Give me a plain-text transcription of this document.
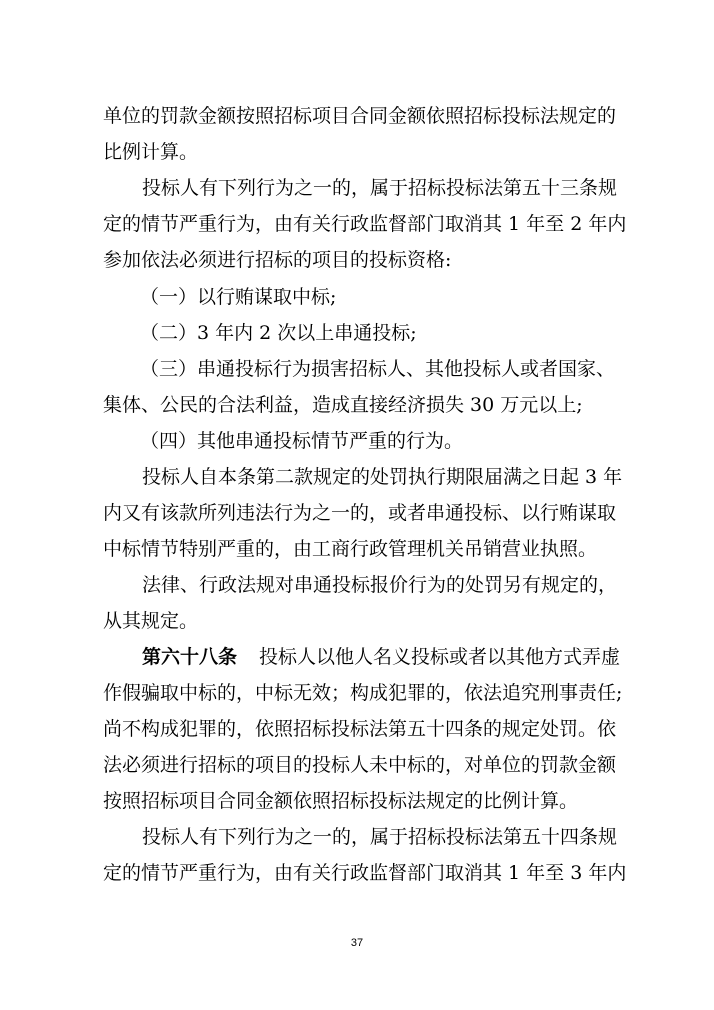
单位的罚款金额按照招标项目合同金额依照招标投标法规定的
比例计算。
投标人有下列行为之一的，属于招标投标法第五十三条规
定的情节严重行为，由有关行政监督部门取消其 1 年至 2 年内
参加依法必须进行招标的项目的投标资格:
（一）以行贿谋取中标;
（二）3 年内 2 次以上串通投标;
（三）串通投标行为损害招标人、其他投标人或者国家、
集体、公民的合法利益，造成直接经济损失 30 万元以上;
（四）其他串通投标情节严重的行为。
投标人自本条第二款规定的处罚执行期限届满之日起 3 年
内又有该款所列违法行为之一的，或者串通投标、以行贿谋取
中标情节特别严重的，由工商行政管理机关吊销营业执照。
法律、行政法规对串通投标报价行为的处罚另有规定的，
从其规定。
第六十八条 投标人以他人名义投标或者以其他方式弄虚
作假骗取中标的，中标无效；构成犯罪的，依法追究刑事责任;
尚不构成犯罪的，依照招标投标法第五十四条的规定处罚。依
法必须进行招标的项目的投标人未中标的，对单位的罚款金额
按照招标项目合同金额依照招标投标法规定的比例计算。
投标人有下列行为之一的，属于招标投标法第五十四条规
定的情节严重行为，由有关行政监督部门取消其 1 年至 3 年内
37
